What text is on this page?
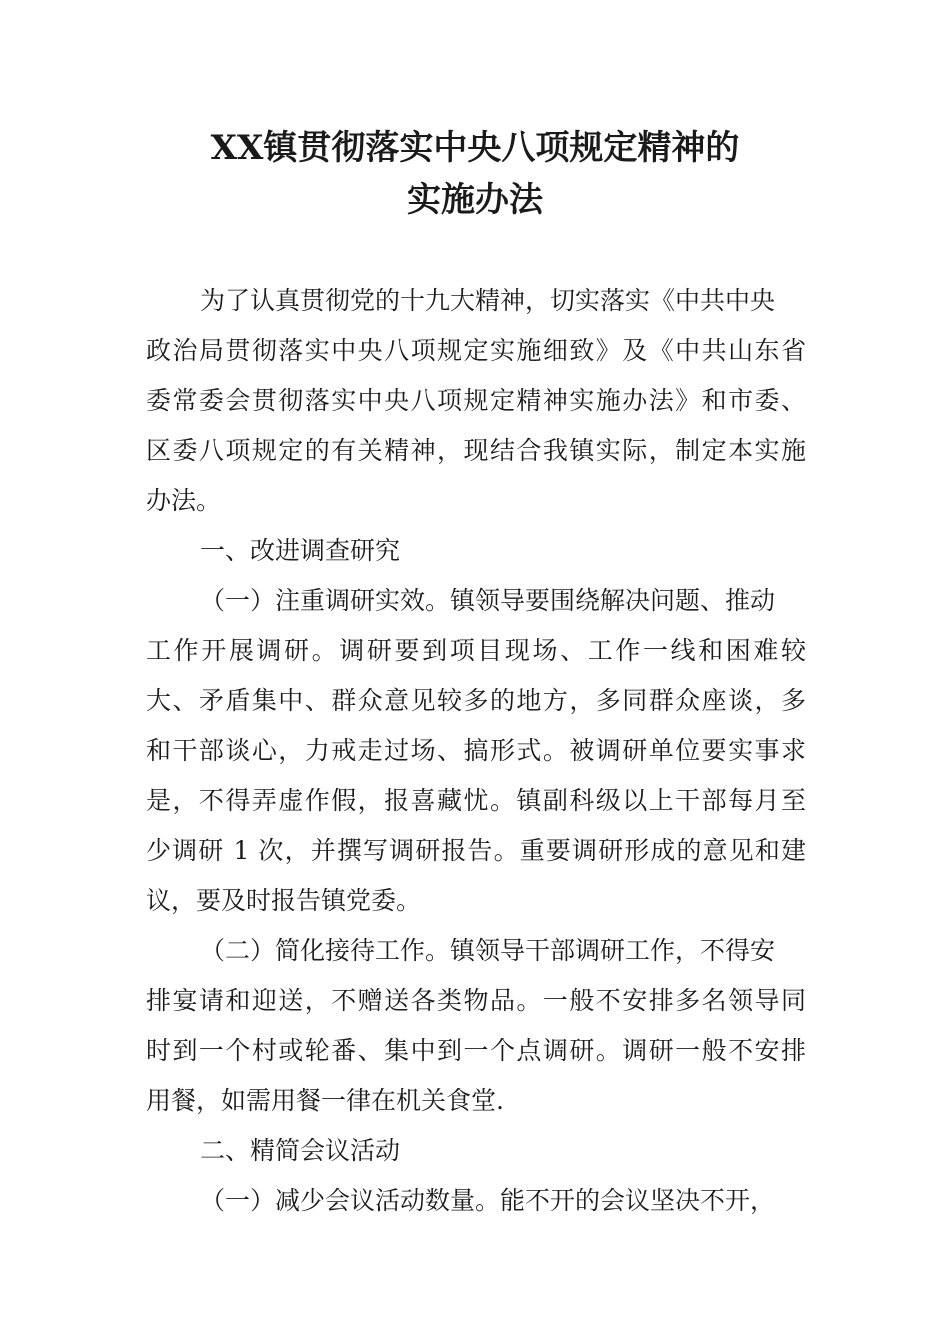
XX镇贯彻落实中央八项规定精神的
实施办法

为了认真贯彻党的十九大精神，切实落实《中共中央

政治局贯彻落实中央八项规定实施细致》及《中共山东省

委常委会贯彻落实中央八项规定精神实施办法》和市委、

区委八项规定的有关精神，现结合我镇实际，制定本实施

办法。

一、改进调查研究

（一）注重调研实效。镇领导要围绕解决问题、推动

工作开展调研。调研要到项目现场、工作一线和困难较

大、矛盾集中、群众意见较多的地方，多同群众座谈，多

和干部谈心，力戒走过场、搞形式。被调研单位要实事求

是，不得弄虚作假，报喜藏忧。镇副科级以上干部每月至

少调研 1 次，并撰写调研报告。重要调研形成的意见和建

议，要及时报告镇党委。

（二）简化接待工作。镇领导干部调研工作，不得安

排宴请和迎送，不赠送各类物品。一般不安排多名领导同

时到一个村或轮番、集中到一个点调研。调研一般不安排

用餐，如需用餐一律在机关食堂.

二、精简会议活动

（一）减少会议活动数量。能不开的会议坚决不开，
